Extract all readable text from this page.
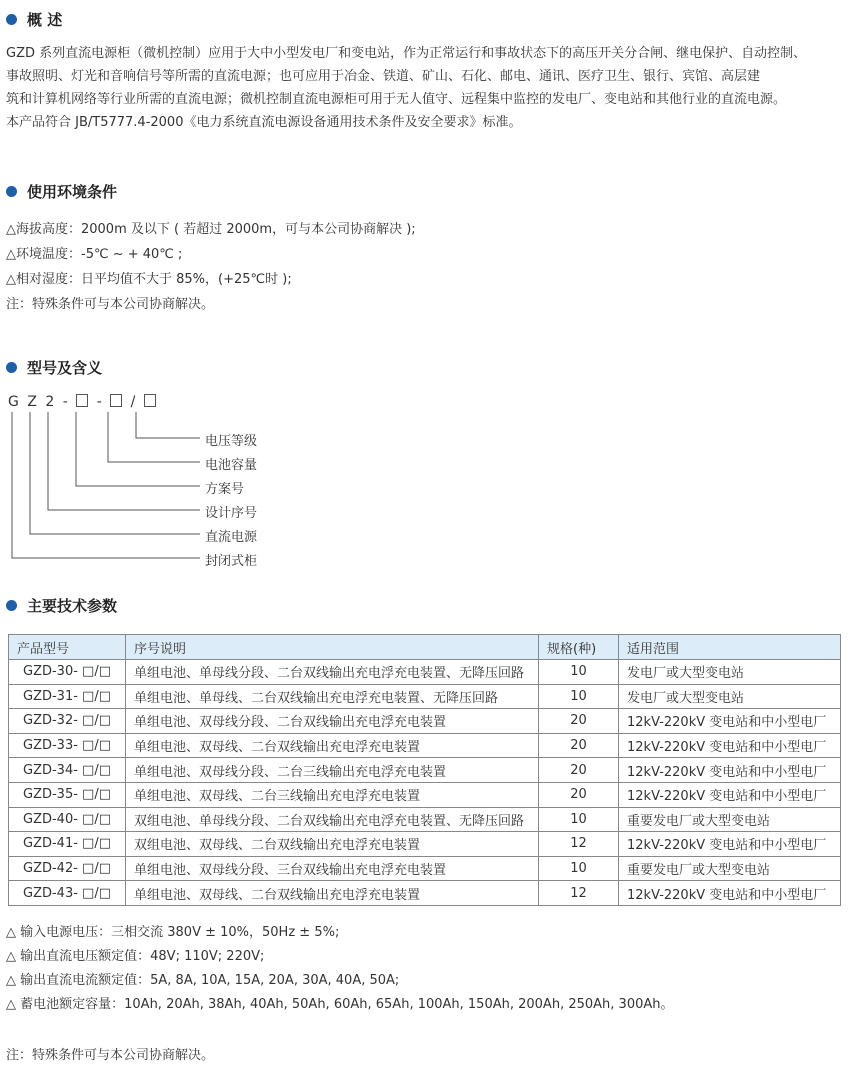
概 述
GZD 系列直流电源柜（微机控制）应用于大中小型发电厂和变电站，作为正常运行和事故状态下的高压开关分合闸、继电保护、自动控制、
事故照明、灯光和音响信号等所需的直流电源；也可应用于冶金、铁道、矿山、石化、邮电、通讯、医疗卫生、银行、宾馆、高层建
筑和计算机网络等行业所需的直流电源；微机控制直流电源柜可用于无人值守、远程集中监控的发电厂、变电站和其他行业的直流电源。
本产品符合 JB/T5777.4-2000《电力系统直流电源设备通用技术条件及安全要求》标准。
使用环境条件
△海拔高度：2000m 及以下 ( 若超过 2000m，可与本公司协商解决 );
△环境温度：-5℃ ~ + 40℃ ;
△相对湿度：日平均值不大于 85%，(+25℃时 );
注：特殊条件可与本公司协商解决。
型号及含义
G Z 2 - - /
电压等级
电池容量
方案号
设计序号
直流电源
封闭式柜
主要技术参数
产品型号	序号说明	规格(种)	适用范围
GZD-30- □/□	单组电池、单母线分段、二台双线输出充电浮充电装置、无降压回路	10	发电厂或大型变电站
GZD-31- □/□	单组电池、单母线、二台双线输出充电浮充电装置、无降压回路	10	发电厂或大型变电站
GZD-32- □/□	单组电池、双母线分段、二台双线输出充电浮充电装置	20	12kV-220kV 变电站和中小型电厂
GZD-33- □/□	单组电池、双母线、二台双线输出充电浮充电装置	20	12kV-220kV 变电站和中小型电厂
GZD-34- □/□	单组电池、双母线分段、二台三线输出充电浮充电装置	20	12kV-220kV 变电站和中小型电厂
GZD-35- □/□	单组电池、双母线、二台三线输出充电浮充电装置	20	12kV-220kV 变电站和中小型电厂
GZD-40- □/□	双组电池、单母线分段、二台双线输出充电浮充电装置、无降压回路	10	重要发电厂或大型变电站
GZD-41- □/□	双组电池、双母线、二台双线输出充电浮充电装置	12	12kV-220kV 变电站和中小型电厂
GZD-42- □/□	单组电池、双母线分段、三台双线输出充电浮充电装置	10	重要发电厂或大型变电站
GZD-43- □/□	单组电池、双母线、二台双线输出充电浮充电装置	12	12kV-220kV 变电站和中小型电厂
△ 输入电源电压：三相交流 380V ± 10%，50Hz ± 5%;
△ 输出直流电压额定值：48V; 110V; 220V;
△ 输出直流电流额定值：5A, 8A, 10A, 15A, 20A, 30A, 40A, 50A;
△ 蓄电池额定容量：10Ah, 20Ah, 38Ah, 40Ah, 50Ah, 60Ah, 65Ah, 100Ah, 150Ah, 200Ah, 250Ah, 300Ah。
注：特殊条件可与本公司协商解决。
